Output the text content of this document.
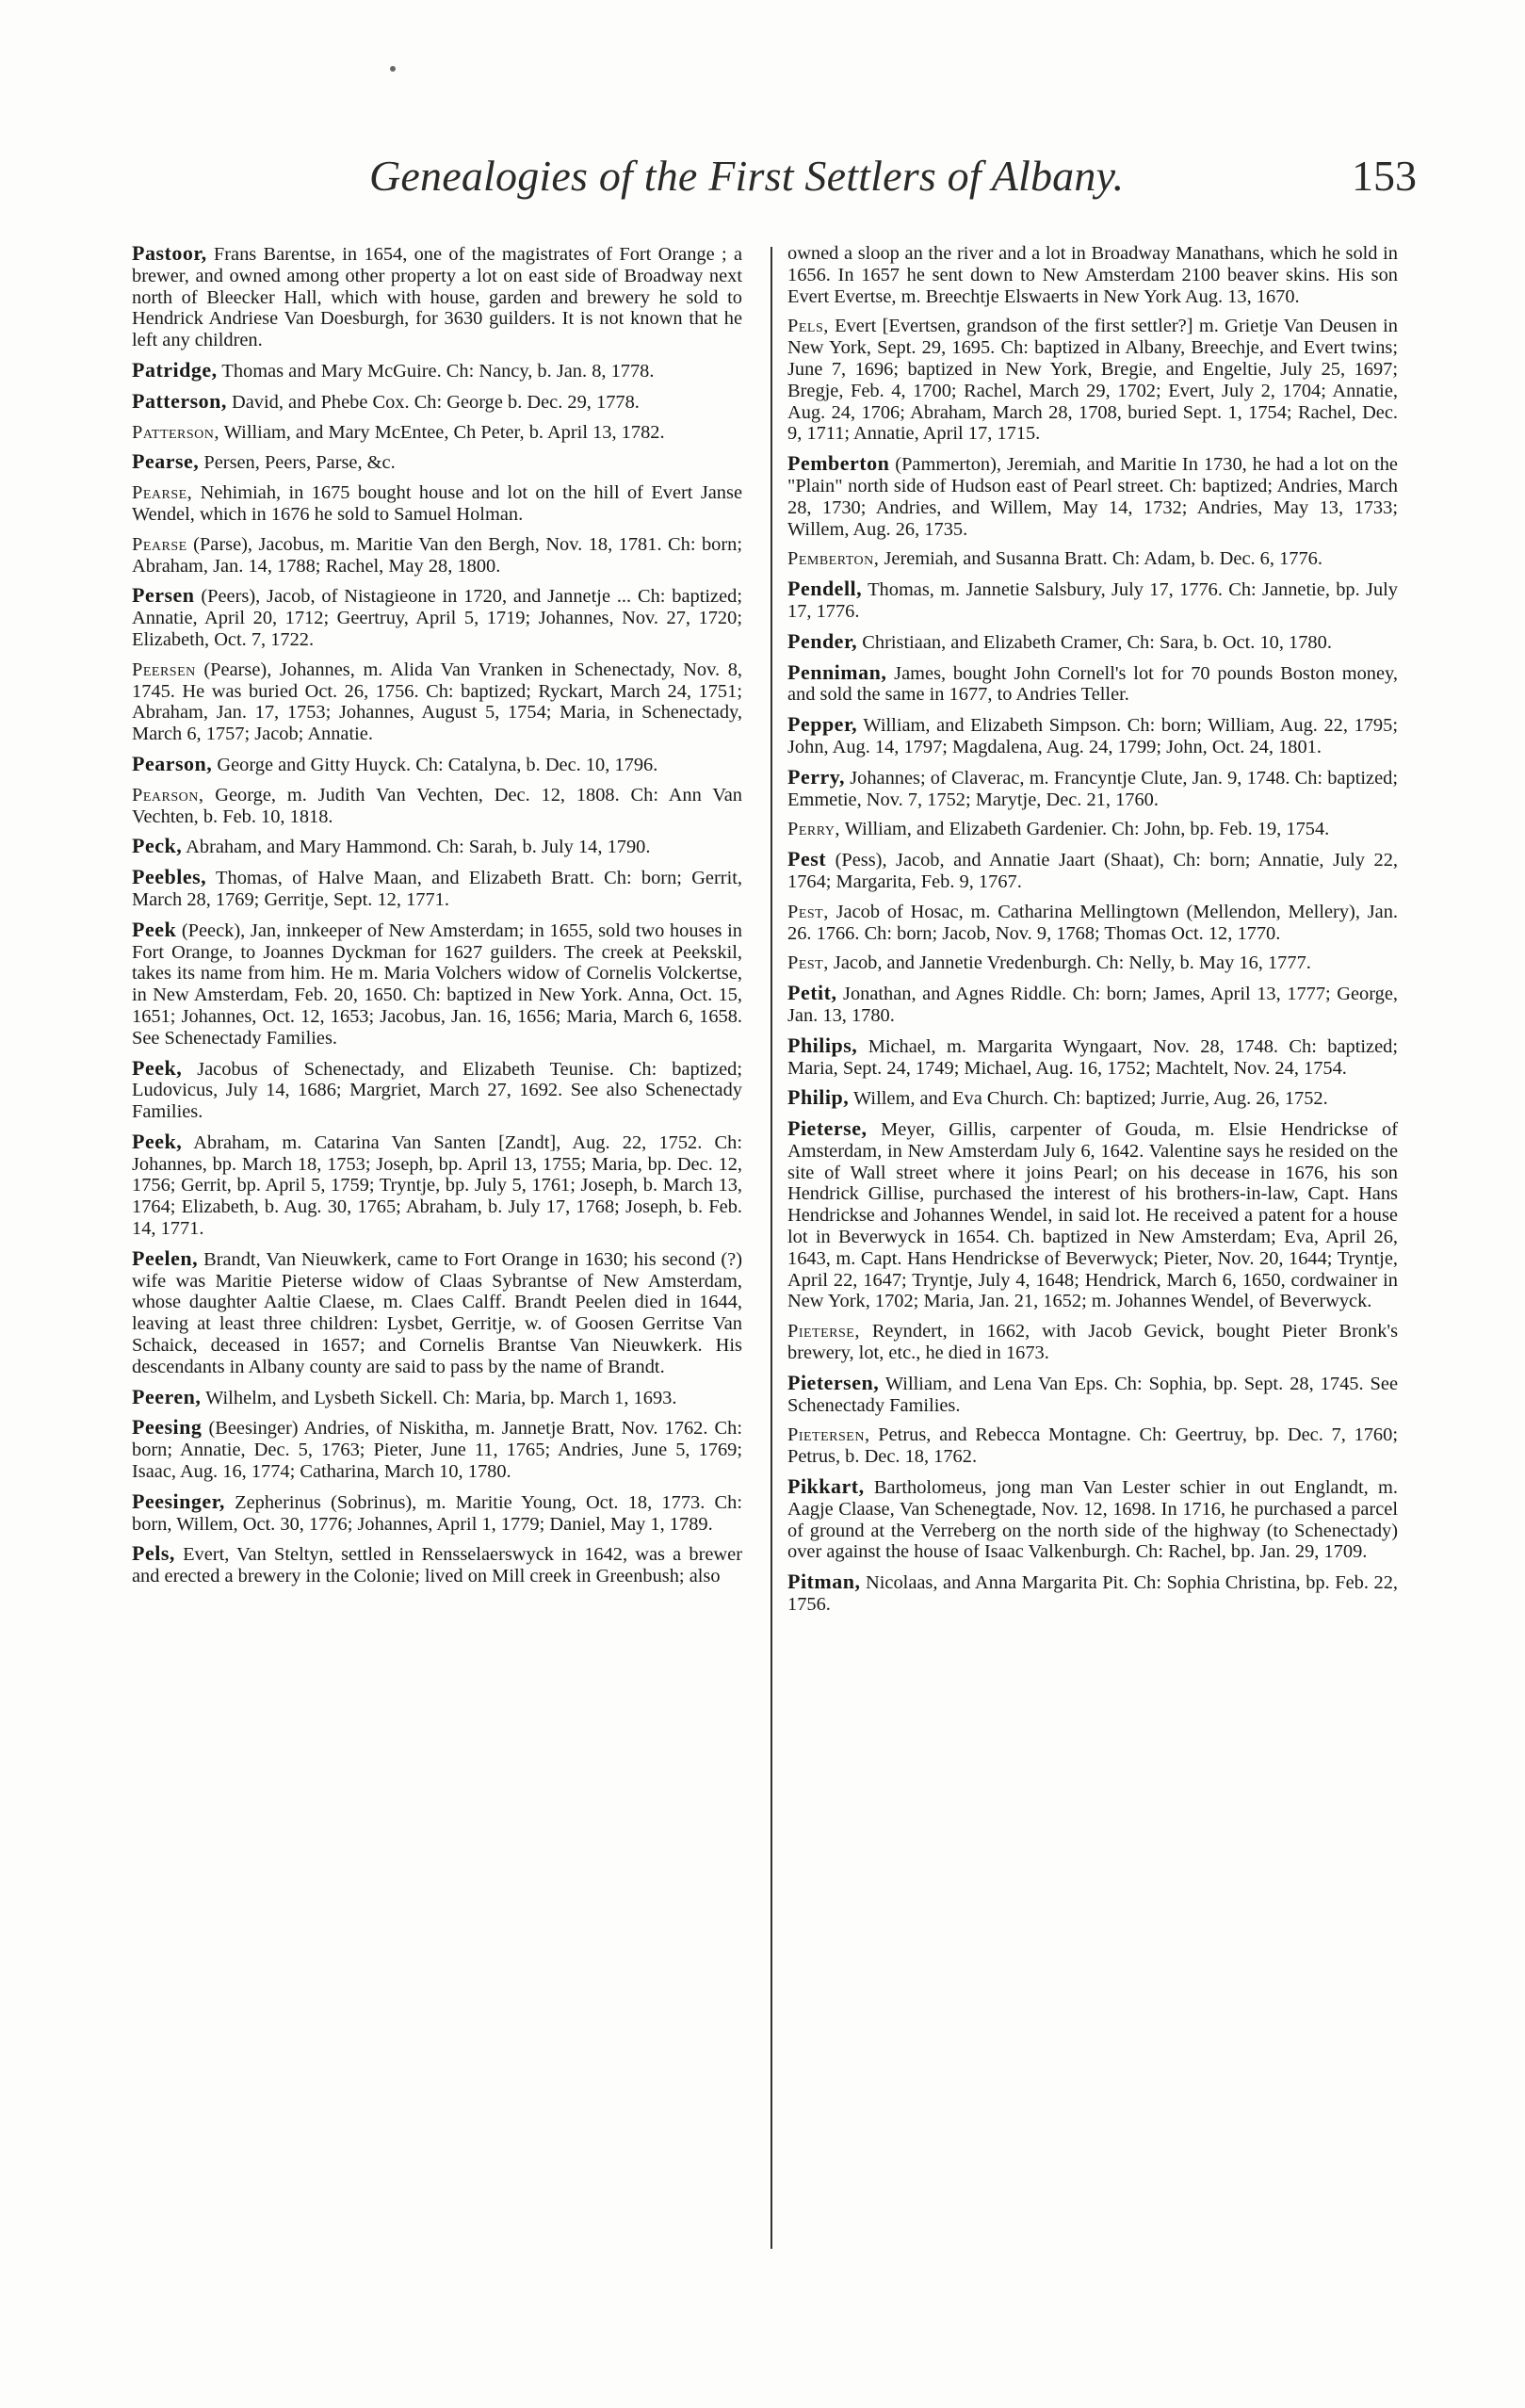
Genealogies of the First Settlers of Albany.	153

Pastoor, Frans Barentse, in 1654, one of the magistrates of Fort Orange ; a brewer, and owned among other property a lot on east side of Broadway next north of Bleecker Hall, which with house, garden and brewery he sold to Hendrick Andriese Van Doesburgh, for 3630 guilders. It is not known that he left any children.

Patridge, Thomas and Mary McGuire. Ch: Nancy, b. Jan. 8, 1778.

Patterson, David, and Phebe Cox. Ch: George b. Dec. 29, 1778.

Patterson, William, and Mary McEntee, Ch Peter, b. April 13, 1782.

Pearse, Persen, Peers, Parse, &c.

Pearse, Nehimiah, in 1675 bought house and lot on the hill of Evert Janse Wendel, which in 1676 he sold to Samuel Holman.

Pearse (Parse), Jacobus, m. Maritie Van den Bergh, Nov. 18, 1781. Ch: born; Abraham, Jan. 14, 1788; Rachel, May 28, 1800.

Persen (Peers), Jacob, of Nistagieone in 1720, and Jannetje ... Ch: baptized; Annatie, April 20, 1712; Geertruy, April 5, 1719; Johannes, Nov. 27, 1720; Elizabeth, Oct. 7, 1722.

Peersen (Pearse), Johannes, m. Alida Van Vranken in Schenectady, Nov. 8, 1745. He was buried Oct. 26, 1756. Ch: baptized; Ryckart, March 24, 1751; Abraham, Jan. 17, 1753; Johannes, August 5, 1754; Maria, in Schenectady, March 6, 1757; Jacob; Annatie.

Pearson, George and Gitty Huyck. Ch: Catalyna, b. Dec. 10, 1796.

Pearson, George, m. Judith Van Vechten, Dec. 12, 1808. Ch: Ann Van Vechten, b. Feb. 10, 1818.

Peck, Abraham, and Mary Hammond. Ch: Sarah, b. July 14, 1790.

Peebles, Thomas, of Halve Maan, and Elizabeth Bratt. Ch: born; Gerrit, March 28, 1769; Gerritje, Sept. 12, 1771.

Peek (Peeck), Jan, innkeeper of New Amsterdam; in 1655, sold two houses in Fort Orange, to Joannes Dyckman for 1627 guilders. The creek at Peekskil, takes its name from him. He m. Maria Volchers widow of Cornelis Volckertse, in New Amsterdam, Feb. 20, 1650. Ch: baptized in New York. Anna, Oct. 15, 1651; Johannes, Oct. 12, 1653; Jacobus, Jan. 16, 1656; Maria, March 6, 1658. See Schenectady Families.

Peek, Jacobus of Schenectady, and Elizabeth Teunise. Ch: baptized; Ludovicus, July 14, 1686; Margriet, March 27, 1692. See also Schenectady Families.

Peek, Abraham, m. Catarina Van Santen [Zandt], Aug. 22, 1752. Ch: Johannes, bp. March 18, 1753; Joseph, bp. April 13, 1755; Maria, bp. Dec. 12, 1756; Gerrit, bp. April 5, 1759; Tryntje, bp. July 5, 1761; Joseph, b. March 13, 1764; Elizabeth, b. Aug. 30, 1765; Abraham, b. July 17, 1768; Joseph, b. Feb. 14, 1771.

Peelen, Brandt, Van Nieuwkerk, came to Fort Orange in 1630; his second (?) wife was Maritie Pieterse widow of Claas Sybrantse of New Amsterdam, whose daughter Aaltie Claese, m. Claes Calff. Brandt Peelen died in 1644, leaving at least three children: Lysbet, Gerritje, w. of Goosen Gerritse Van Schaick, deceased in 1657; and Cornelis Brantse Van Nieuwkerk. His descendants in Albany county are said to pass by the name of Brandt.

Peeren, Wilhelm, and Lysbeth Sickell. Ch: Maria, bp. March 1, 1693.

Peesing (Beesinger) Andries, of Niskitha, m. Jannetje Bratt, Nov. 1762. Ch: born; Annatie, Dec. 5, 1763; Pieter, June 11, 1765; Andries, June 5, 1769; Isaac, Aug. 16, 1774; Catharina, March 10, 1780.

Peesinger, Zepherinus (Sobrinus), m. Maritie Young, Oct. 18, 1773. Ch: born, Willem, Oct. 30, 1776; Johannes, April 1, 1779; Daniel, May 1, 1789.

Pels, Evert, Van Steltyn, settled in Rensselaerswyck in 1642, was a brewer and erected a brewery in the Colonie; lived on Mill creek in Greenbush; also

owned a sloop an the river and a lot in Broadway Manathans, which he sold in 1656. In 1657 he sent down to New Amsterdam 2100 beaver skins. His son Evert Evertse, m. Breechtje Elswaerts in New York Aug. 13, 1670.

Pels, Evert [Evertsen, grandson of the first settler?] m. Grietje Van Deusen in New York, Sept. 29, 1695. Ch: baptized in Albany, Breechje, and Evert twins; June 7, 1696; baptized in New York, Bregie, and Engeltie, July 25, 1697; Bregje, Feb. 4, 1700; Rachel, March 29, 1702; Evert, July 2, 1704; Annatie, Aug. 24, 1706; Abraham, March 28, 1708, buried Sept. 1, 1754; Rachel, Dec. 9, 1711; Annatie, April 17, 1715.

Pemberton (Pammerton), Jeremiah, and Maritie In 1730, he had a lot on the "Plain" north side of Hudson east of Pearl street. Ch: baptized; Andries, March 28, 1730; Andries, and Willem, May 14, 1732; Andries, May 13, 1733; Willem, Aug. 26, 1735.

Pemberton, Jeremiah, and Susanna Bratt. Ch: Adam, b. Dec. 6, 1776.

Pendell, Thomas, m. Jannetie Salsbury, July 17, 1776. Ch: Jannetie, bp. July 17, 1776.

Pender, Christiaan, and Elizabeth Cramer, Ch: Sara, b. Oct. 10, 1780.

Penniman, James, bought John Cornell's lot for 70 pounds Boston money, and sold the same in 1677, to Andries Teller.

Pepper, William, and Elizabeth Simpson. Ch: born; William, Aug. 22, 1795; John, Aug. 14, 1797; Magdalena, Aug. 24, 1799; John, Oct. 24, 1801.

Perry, Johannes; of Claverac, m. Francyntje Clute, Jan. 9, 1748. Ch: baptized; Emmetie, Nov. 7, 1752; Marytje, Dec. 21, 1760.

Perry, William, and Elizabeth Gardenier. Ch: John, bp. Feb. 19, 1754.

Pest (Pess), Jacob, and Annatie Jaart (Shaat), Ch: born; Annatie, July 22, 1764; Margarita, Feb. 9, 1767.

Pest, Jacob of Hosac, m. Catharina Mellingtown (Mellendon, Mellery), Jan. 26. 1766. Ch: born; Jacob, Nov. 9, 1768; Thomas Oct. 12, 1770.

Pest, Jacob, and Jannetie Vredenburgh. Ch: Nelly, b. May 16, 1777.

Petit, Jonathan, and Agnes Riddle. Ch: born; James, April 13, 1777; George, Jan. 13, 1780.

Philips, Michael, m. Margarita Wyngaart, Nov. 28, 1748. Ch: baptized; Maria, Sept. 24, 1749; Michael, Aug. 16, 1752; Machtelt, Nov. 24, 1754.

Philip, Willem, and Eva Church. Ch: baptized; Jurrie, Aug. 26, 1752.

Pieterse, Meyer, Gillis, carpenter of Gouda, m. Elsie Hendrickse of Amsterdam, in New Amsterdam July 6, 1642. Valentine says he resided on the site of Wall street where it joins Pearl; on his decease in 1676, his son Hendrick Gillise, purchased the interest of his brothers-in-law, Capt. Hans Hendrickse and Johannes Wendel, in said lot. He received a patent for a house lot in Beverwyck in 1654. Ch. baptized in New Amsterdam; Eva, April 26, 1643, m. Capt. Hans Hendrickse of Beverwyck; Pieter, Nov. 20, 1644; Tryntje, April 22, 1647; Tryntje, July 4, 1648; Hendrick, March 6, 1650, cordwainer in New York, 1702; Maria, Jan. 21, 1652; m. Johannes Wendel, of Beverwyck.

Pieterse, Reyndert, in 1662, with Jacob Gevick, bought Pieter Bronk's brewery, lot, etc., he died in 1673.

Pietersen, William, and Lena Van Eps. Ch: Sophia, bp. Sept. 28, 1745. See Schenectady Families.

Pietersen, Petrus, and Rebecca Montagne. Ch: Geertruy, bp. Dec. 7, 1760; Petrus, b. Dec. 18, 1762.

Pikkart, Bartholomeus, jong man Van Lester schier in out Englandt, m. Aagje Claase, Van Schenegtade, Nov. 12, 1698. In 1716, he purchased a parcel of ground at the Verreberg on the north side of the highway (to Schenectady) over against the house of Isaac Valkenburgh. Ch: Rachel, bp. Jan. 29, 1709.

Pitman, Nicolaas, and Anna Margarita Pit. Ch: Sophia Christina, bp. Feb. 22, 1756.
